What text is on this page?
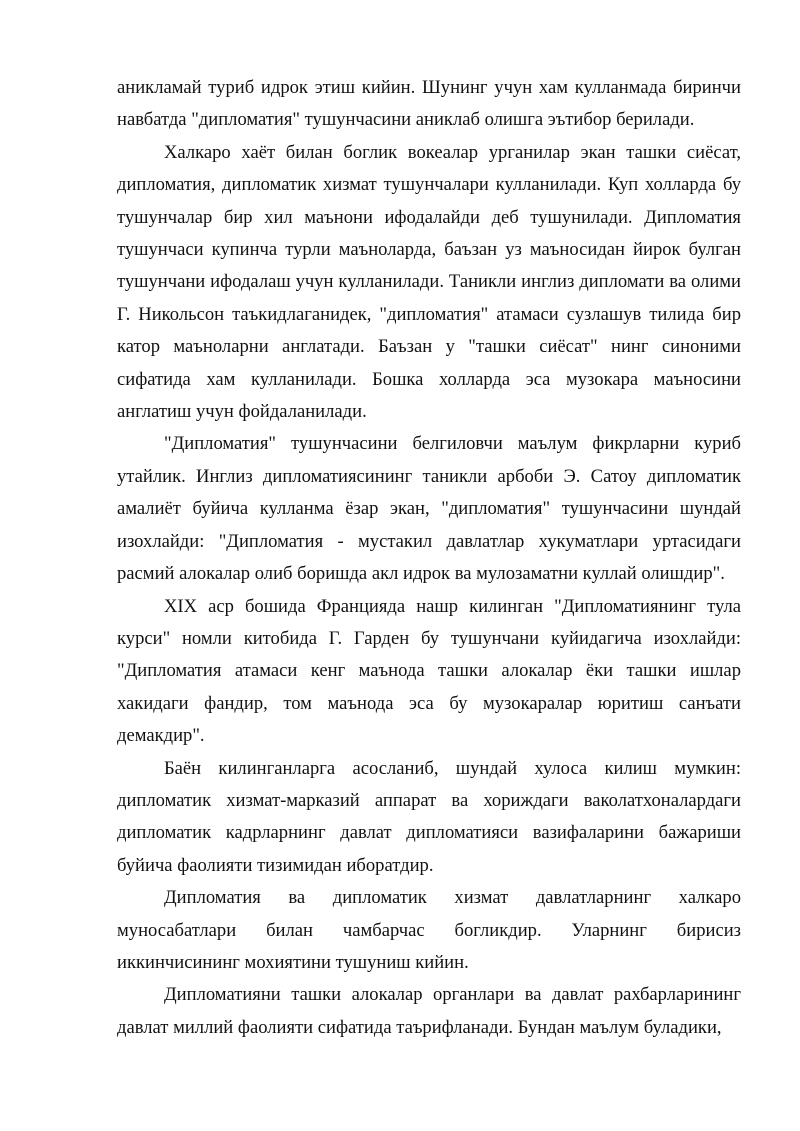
аникламай туриб идрок этиш кийин. Шунинг учун хам кулланмада биринчи навбатда "дипломатия" тушунчасини аниклаб олишга эътибор берилади.

Халкаро хаёт билан боглик вокеалар урганилар экан ташки сиёсат, дипломатия, дипломатик хизмат тушунчалари кулланилади. Куп холларда бу тушунчалар бир хил маънони ифодалайди деб тушунилади. Дипломатия тушунчаси купинча турли маъноларда, баъзан уз маъносидан йирок булган тушунчани ифодалаш учун кулланилади. Таникли инглиз дипломати ва олими Г. Никольсон таъкидлаганидек, "дипломатия" атамаси сузлашув тилида бир катор маъноларни англатади. Баъзан у "ташки сиёсат" нинг синоними сифатида хам кулланилади. Бошка холларда эса музокара маъносини англатиш учун фойдаланилади.

"Дипломатия" тушунчасини белгиловчи маълум фикрларни куриб утайлик. Инглиз дипломатиясининг таникли арбоби Э. Сатоу дипломатик амалиёт буйича кулланма ёзар экан, "дипломатия" тушунчасини шундай изохлайди: "Дипломатия - мустакил давлатлар хукуматлари уртасидаги расмий алокалар олиб боришда акл идрок ва мулозаматни куллай олишдир".

XIX аср бошида Францияда нашр килинган "Дипломатиянинг тула курси" номли китобида Г. Гарден бу тушунчани куйидагича изохлайди: "Дипломатия атамаси кенг маънода ташки алокалар ёки ташки ишлар хакидаги фандир, том маънода эса бу музокаралар юритиш санъати демакдир".

Баён килинганларга асосланиб, шундай хулоса килиш мумкин: дипломатик хизмат-марказий аппарат ва хориждаги ваколатхоналардаги дипломатик кадрларнинг давлат дипломатияси вазифаларини бажариши буйича фаолияти тизимидан иборатдир.

Дипломатия ва дипломатик хизмат давлатларнинг халкаро муносабатлари билан чамбарчас богликдир. Уларнинг бирисиз иккинчисининг мохиятини тушуниш кийин.

Дипломатияни ташки алокалар органлари ва давлат рахбарларининг давлат миллий фаолияти сифатида таърифланади. Бундан маълум буладики,
